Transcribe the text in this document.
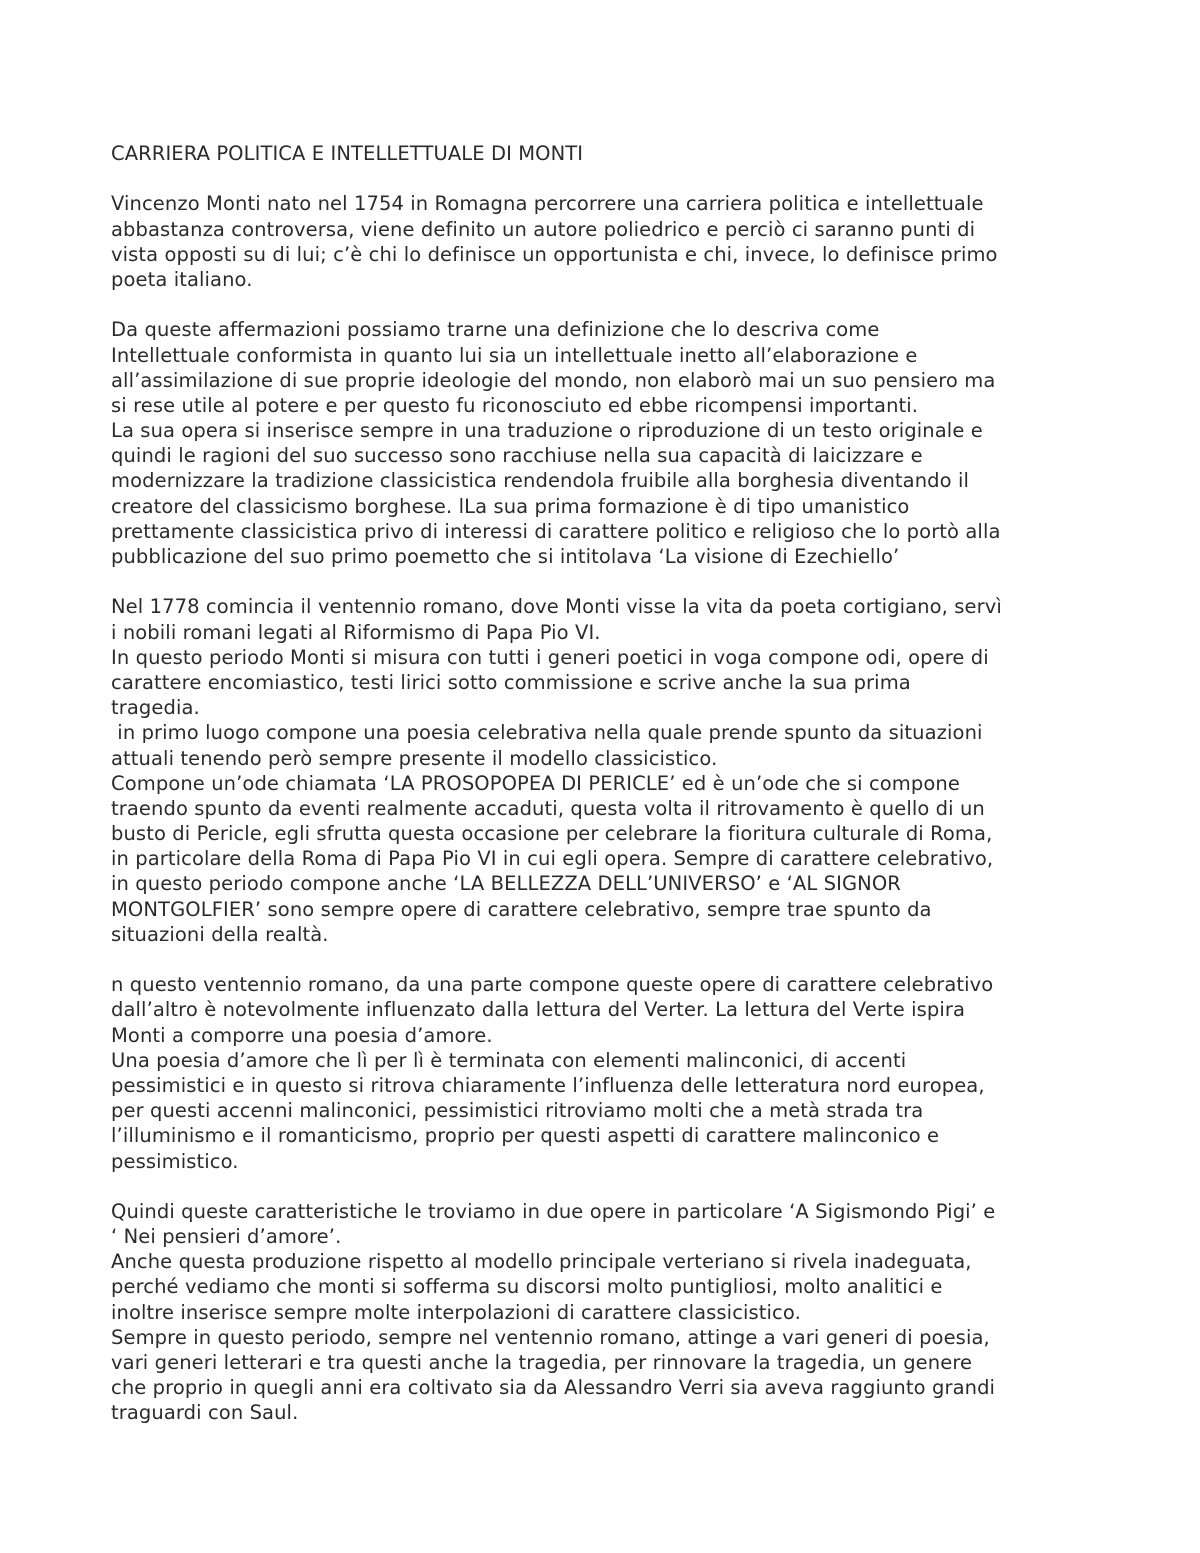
CARRIERA POLITICA E INTELLETTUALE DI MONTI
Vincenzo Monti nato nel 1754 in Romagna percorrere una carriera politica e intellettuale
abbastanza controversa, viene definito un autore poliedrico e perciò ci saranno punti di
vista opposti su di lui; c’è chi lo definisce un opportunista e chi, invece, lo definisce primo
poeta italiano.
Da queste affermazioni possiamo trarne una definizione che lo descriva come
Intellettuale conformista in quanto lui sia un intellettuale inetto all’elaborazione e
all’assimilazione di sue proprie ideologie del mondo, non elaborò mai un suo pensiero ma
si rese utile al potere e per questo fu riconosciuto ed ebbe ricompensi importanti.
La sua opera si inserisce sempre in una traduzione o riproduzione di un testo originale e
quindi le ragioni del suo successo sono racchiuse nella sua capacità di laicizzare e
modernizzare la tradizione classicistica rendendola fruibile alla borghesia diventando il
creatore del classicismo borghese. lLa sua prima formazione è di tipo umanistico
prettamente classicistica privo di interessi di carattere politico e religioso che lo portò alla
pubblicazione del suo primo poemetto che si intitolava ‘La visione di Ezechiello’
Nel 1778 comincia il ventennio romano, dove Monti visse la vita da poeta cortigiano, servì
i nobili romani legati al Riformismo di Papa Pio VI.
In questo periodo Monti si misura con tutti i generi poetici in voga compone odi, opere di
carattere encomiastico, testi lirici sotto commissione e scrive anche la sua prima
tragedia.
in primo luogo compone una poesia celebrativa nella quale prende spunto da situazioni
attuali tenendo però sempre presente il modello classicistico.
Compone un’ode chiamata ‘LA PROSOPOPEA DI PERICLE’ ed è un’ode che si compone
traendo spunto da eventi realmente accaduti, questa volta il ritrovamento è quello di un
busto di Pericle, egli sfrutta questa occasione per celebrare la fioritura culturale di Roma,
in particolare della Roma di Papa Pio VI in cui egli opera. Sempre di carattere celebrativo,
in questo periodo compone anche ‘LA BELLEZZA DELL’UNIVERSO’ e ‘AL SIGNOR
MONTGOLFIER’ sono sempre opere di carattere celebrativo, sempre trae spunto da
situazioni della realtà.
n questo ventennio romano, da una parte compone queste opere di carattere celebrativo
dall’altro è notevolmente influenzato dalla lettura del Verter. La lettura del Verte ispira
Monti a comporre una poesia d’amore.
Una poesia d’amore che lì per lì è terminata con elementi malinconici, di accenti
pessimistici e in questo si ritrova chiaramente l’influenza delle letteratura nord europea,
per questi accenni malinconici, pessimistici ritroviamo molti che a metà strada tra
l’illuminismo e il romanticismo, proprio per questi aspetti di carattere malinconico e
pessimistico.
Quindi queste caratteristiche le troviamo in due opere in particolare ‘A Sigismondo Pigi’ e
‘ Nei pensieri d’amore’.
Anche questa produzione rispetto al modello principale verteriano si rivela inadeguata,
perché vediamo che monti si sofferma su discorsi molto puntigliosi, molto analitici e
inoltre inserisce sempre molte interpolazioni di carattere classicistico.
Sempre in questo periodo, sempre nel ventennio romano, attinge a vari generi di poesia,
vari generi letterari e tra questi anche la tragedia, per rinnovare la tragedia, un genere
che proprio in quegli anni era coltivato sia da Alessandro Verri sia aveva raggiunto grandi
traguardi con Saul.
